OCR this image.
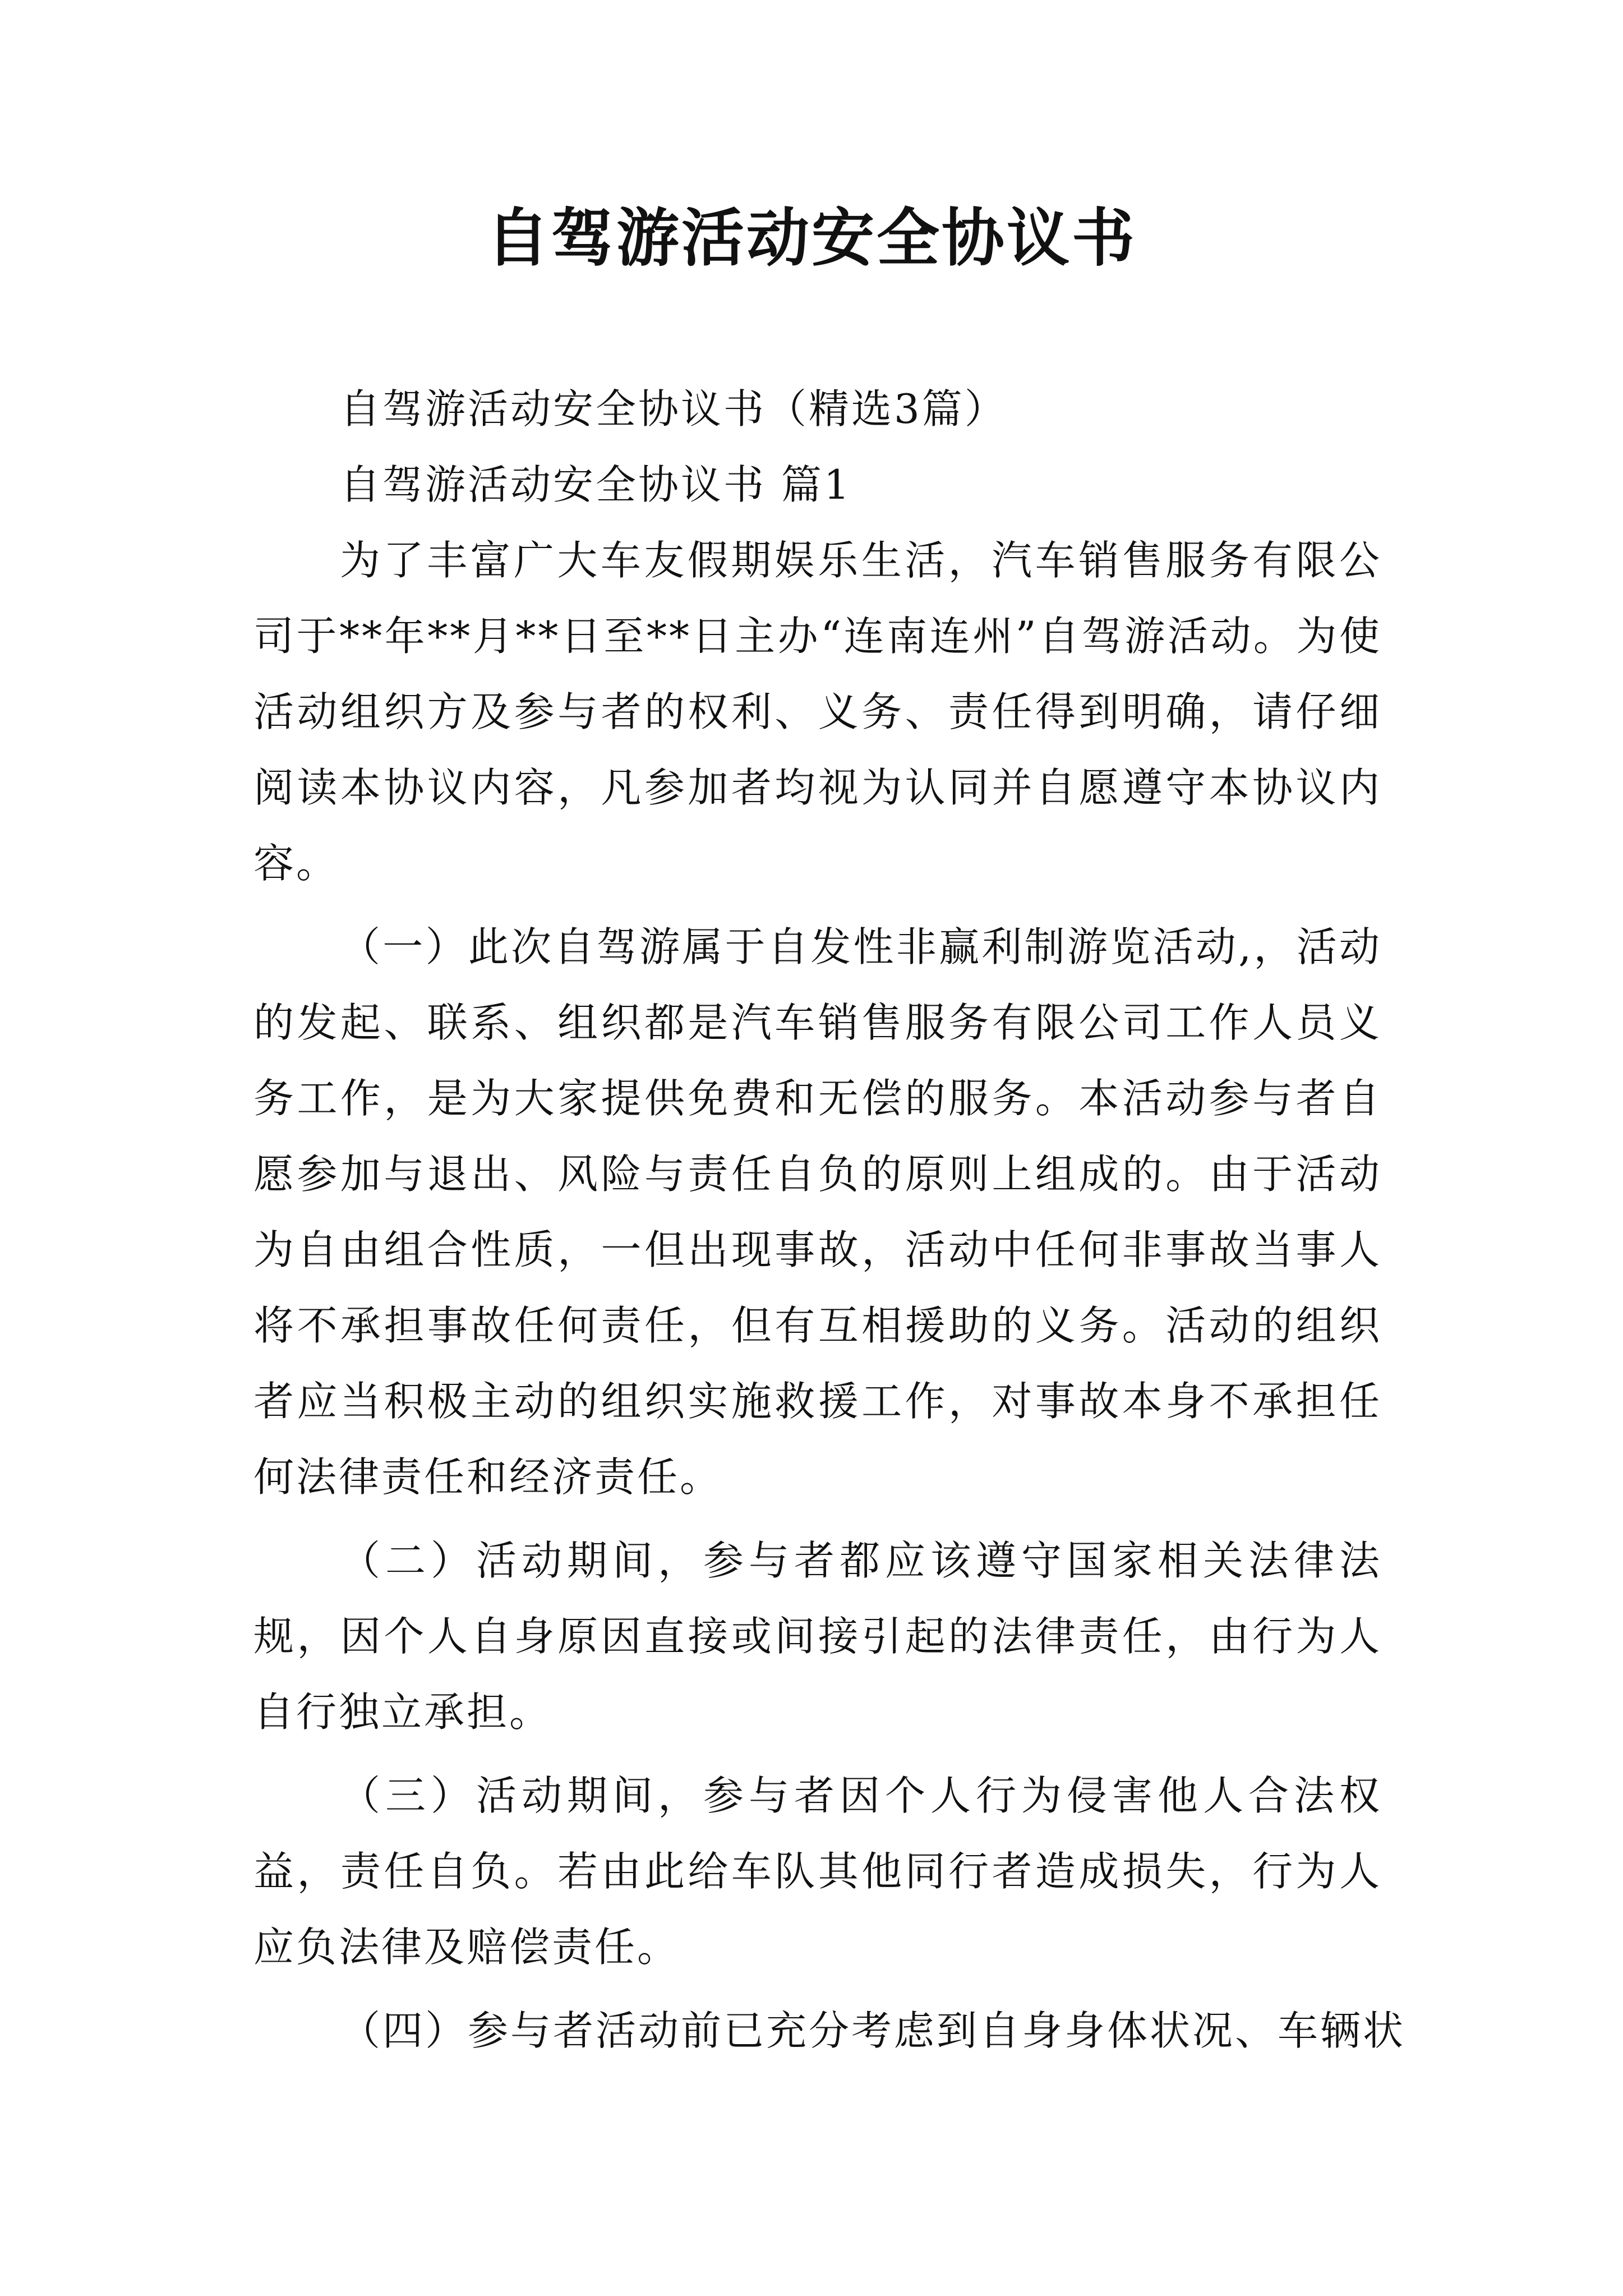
自驾游活动安全协议书

自驾游活动安全协议书（精选3篇）

自驾游活动安全协议书 篇1

为了丰富广大车友假期娱乐生活，汽车销售服务有限公司于**年**月**日至**日主办“连南连州”自驾游活动。为使活动组织方及参与者的权利、义务、责任得到明确，请仔细阅读本协议内容，凡参加者均视为认同并自愿遵守本协议内容。

（一）此次自驾游属于自发性非赢利制游览活动,，活动的发起、联系、组织都是汽车销售服务有限公司工作人员义务工作，是为大家提供免费和无偿的服务。本活动参与者自愿参加与退出、风险与责任自负的原则上组成的。由于活动为自由组合性质，一但出现事故，活动中任何非事故当事人将不承担事故任何责任，但有互相援助的义务。活动的组织者应当积极主动的组织实施救援工作，对事故本身不承担任何法律责任和经济责任。

（二）活动期间，参与者都应该遵守国家相关法律法规，因个人自身原因直接或间接引起的法律责任，由行为人自行独立承担。

（三）活动期间，参与者因个人行为侵害他人合法权益，责任自负。若由此给车队其他同行者造成损失，行为人应负法律及赔偿责任。

（四）参与者活动前已充分考虑到自身身体状况、车辆状
